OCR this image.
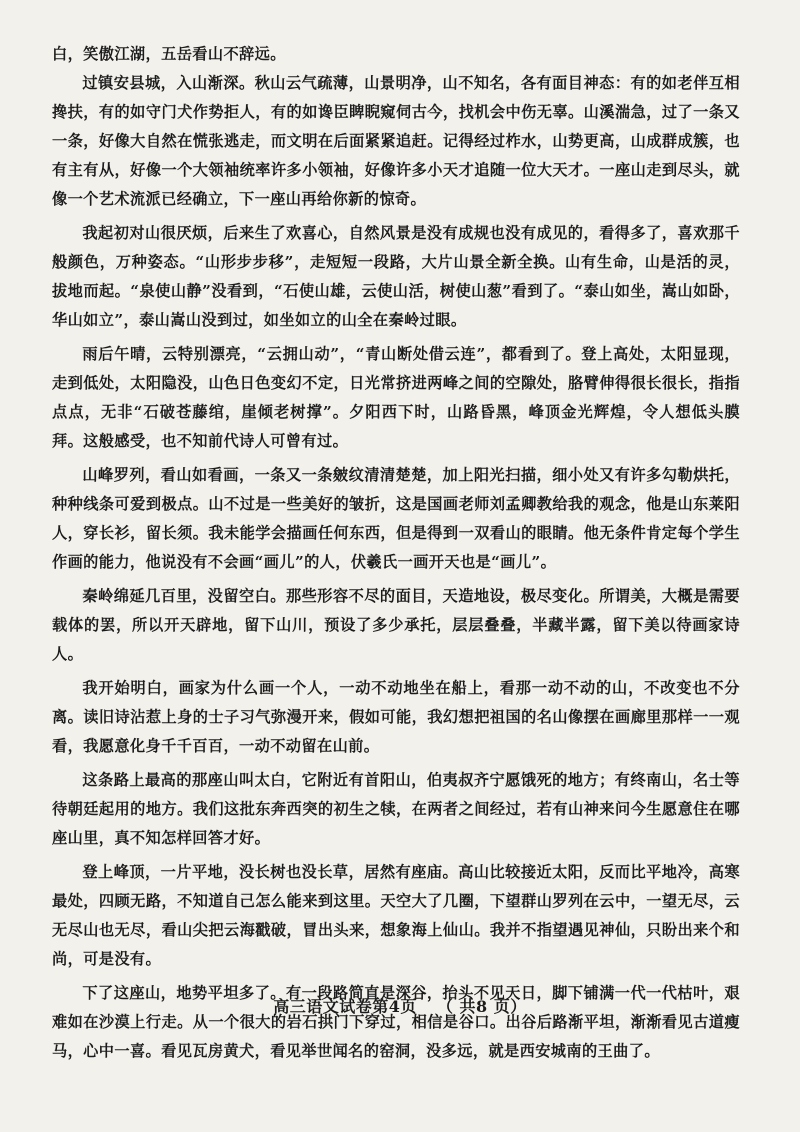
白，笑傲江湖，五岳看山不辞远。

过镇安县城，入山渐深。秋山云气疏薄，山景明净，山不知名，各有面目神态：有的如老伴互相搀扶，有的如守门犬作势拒人，有的如谗臣睥睨窥伺古今，找机会中伤无辜。山溪湍急，过了一条又一条，好像大自然在慌张逃走，而文明在后面紧紧追赶。记得经过柞水，山势更高，山成群成簇，也有主有从，好像一个大领袖统率许多小领袖，好像许多小天才追随一位大天才。一座山走到尽头，就像一个艺术流派已经确立，下一座山再给你新的惊奇。

我起初对山很厌烦，后来生了欢喜心，自然风景是没有成规也没有成见的，看得多了，喜欢那千般颜色，万种姿态。“山形步步移”，走短短一段路，大片山景全新全换。山有生命，山是活的灵，拔地而起。“泉使山静”没看到，“石使山雄，云使山活，树使山葱”看到了。“泰山如坐，嵩山如卧，华山如立”，泰山嵩山没到过，如坐如立的山全在秦岭过眼。

雨后午晴，云特别漂亮，“云拥山动”，“青山断处借云连”，都看到了。登上高处，太阳显现，走到低处，太阳隐没，山色日色变幻不定，日光常挤进两峰之间的空隙处，胳臂伸得很长很长，指指点点，无非“石破苍藤绾，崖倾老树撑”。夕阳西下时，山路昏黑，峰顶金光辉煌，令人想低头膜拜。这般感受，也不知前代诗人可曾有过。

山峰罗列，看山如看画，一条又一条皴纹清清楚楚，加上阳光扫描，细小处又有许多勾勒烘托，种种线条可爱到极点。山不过是一些美好的皱折，这是国画老师刘孟卿教给我的观念，他是山东莱阳人，穿长衫，留长须。我未能学会描画任何东西，但是得到一双看山的眼睛。他无条件肯定每个学生作画的能力，他说没有不会画“画儿”的人，伏羲氏一画开天也是“画儿”。

秦岭绵延几百里，没留空白。那些形容不尽的面目，天造地设，极尽变化。所谓美，大概是需要载体的罢，所以开天辟地，留下山川，预设了多少承托，层层叠叠，半藏半露，留下美以待画家诗人。

我开始明白，画家为什么画一个人，一动不动地坐在船上，看那一动不动的山，不改变也不分离。读旧诗沾惹上身的士子习气弥漫开来，假如可能，我幻想把祖国的名山像摆在画廊里那样一一观看，我愿意化身千千百百，一动不动留在山前。

这条路上最高的那座山叫太白，它附近有首阳山，伯夷叔齐宁愿饿死的地方；有终南山，名士等待朝廷起用的地方。我们这批东奔西突的初生之犊，在两者之间经过，若有山神来问今生愿意住在哪座山里，真不知怎样回答才好。

登上峰顶，一片平地，没长树也没长草，居然有座庙。高山比较接近太阳，反而比平地冷，高寒最处，四顾无路，不知道自己怎么能来到这里。天空大了几圈，下望群山罗列在云中，一望无尽，云无尽山也无尽，看山尖把云海戳破，冒出头来，想象海上仙山。我并不指望遇见神仙，只盼出来个和尚，可是没有。

下了这座山，地势平坦多了。有一段路简直是深谷，抬头不见天日，脚下铺满一代一代枯叶，艰难如在沙漠上行走。从一个很大的岩石拱门下穿过，相信是谷口。出谷后路渐平坦，渐渐看见古道瘦马，心中一喜。看见瓦房黄犬，看见举世闻名的窑洞，没多远，就是西安城南的王曲了。

高三语文试卷第4页 （ 共8 页）
